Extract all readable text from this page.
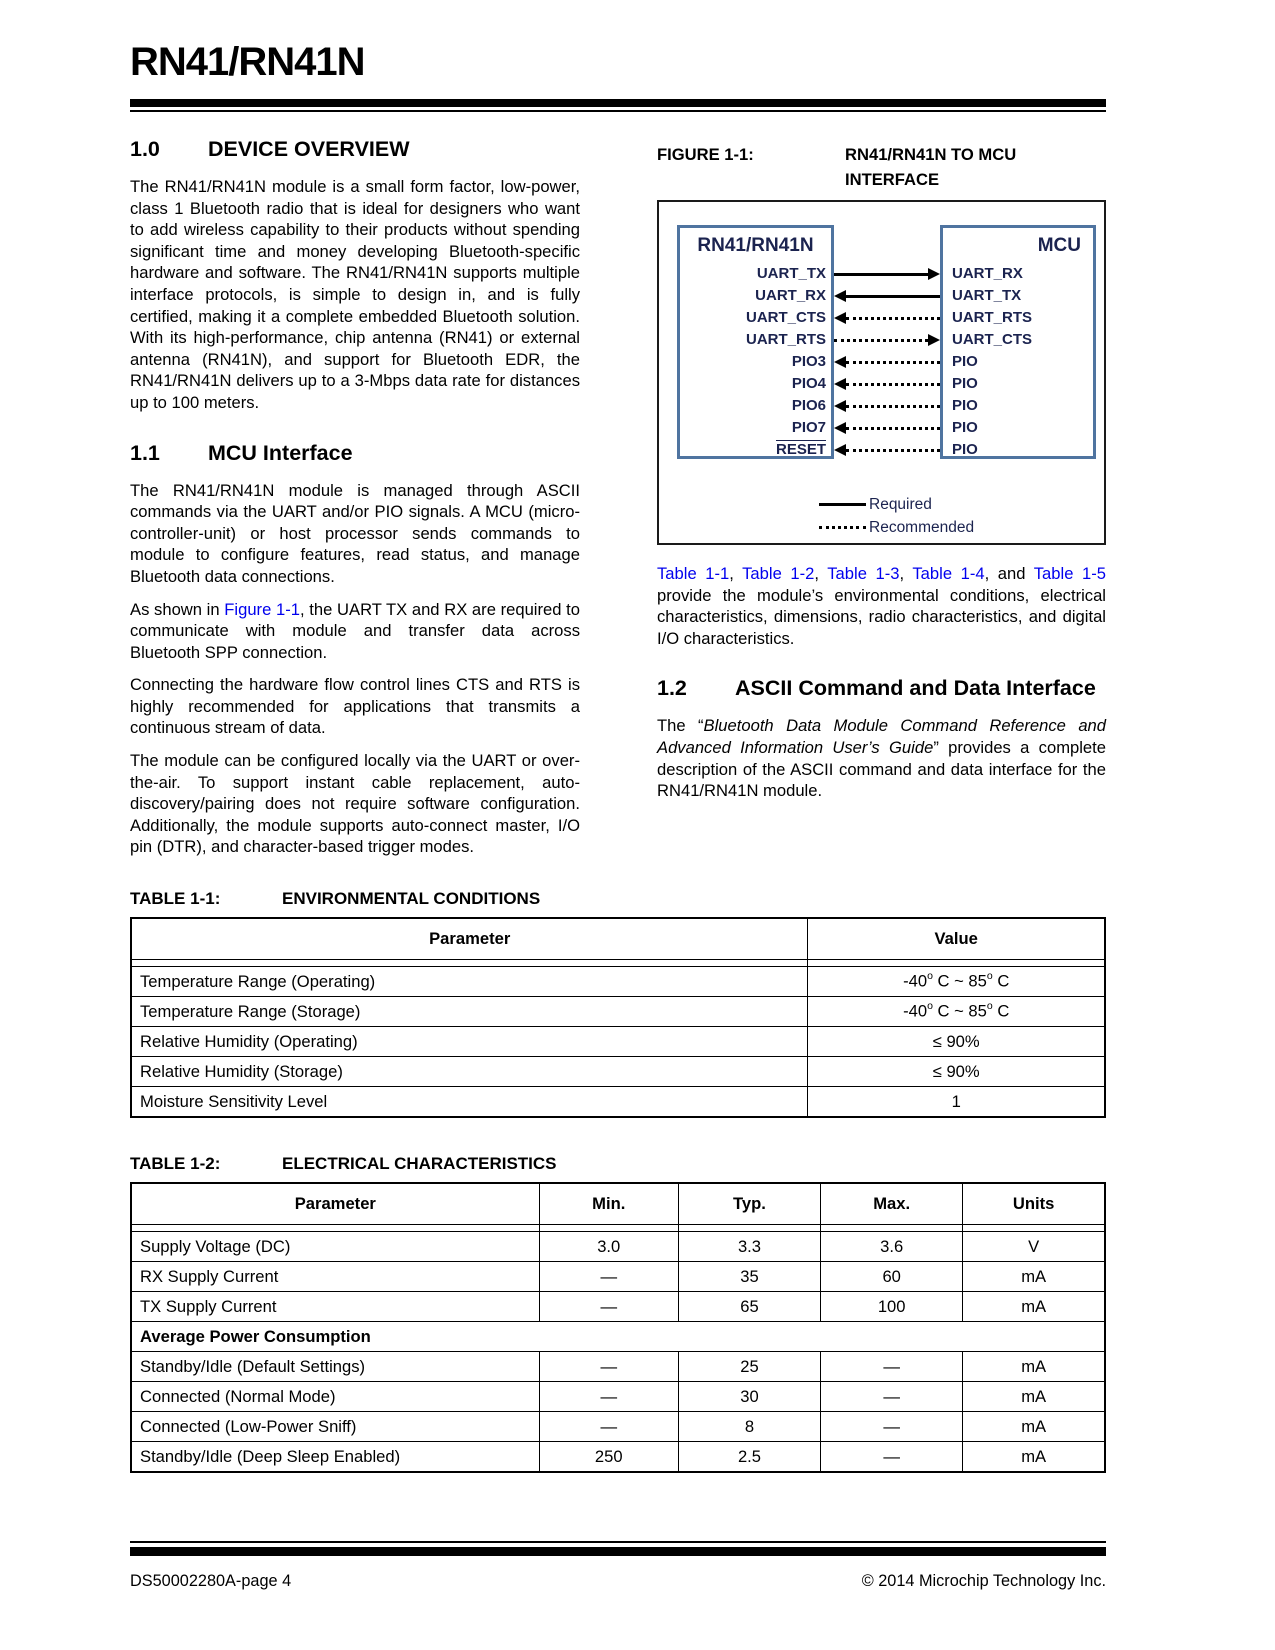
RN41/RN41N
1.0	DEVICE OVERVIEW

The RN41/RN41N module is a small form factor, low-power, class 1 Bluetooth radio that is ideal for designers who want to add wireless capability to their products without spending significant time and money developing Bluetooth-specific hardware and software. The RN41/RN41N supports multiple interface protocols, is simple to design in, and is fully certified, making it a complete embedded Bluetooth solution. With its high-performance, chip antenna (RN41) or external antenna (RN41N), and support for Bluetooth EDR, the RN41/RN41N delivers up to a 3-Mbps data rate for distances up to 100 meters.

1.1	MCU Interface

The RN41/RN41N module is managed through ASCII commands via the UART and/or PIO signals. A MCU (micro-controller-unit) or host processor sends commands to module to configure features, read status, and manage Bluetooth data connections.

As shown in Figure 1-1, the UART TX and RX are required to communicate with module and transfer data across Bluetooth SPP connection.

Connecting the hardware flow control lines CTS and RTS is highly recommended for applications that transmits a continuous stream of data.

The module can be configured locally via the UART or over-the-air. To support instant cable replacement, auto-discovery/pairing does not require software configuration. Additionally, the module supports auto-connect master, I/O pin (DTR), and character-based trigger modes.

FIGURE 1-1:	RN41/RN41N TO MCU INTERFACE
RN41/RN41N
UART_TX
UART_RX
UART_CTS
UART_RTS
PIO3
PIO4
PIO6
PIO7
RESET
MCU
UART_RX
UART_TX
UART_RTS
UART_CTS
PIO
PIO
PIO
PIO
PIO
Required
Recommended

Table 1-1, Table 1-2, Table 1-3, Table 1-4, and Table 1-5 provide the module’s environmental conditions, electrical characteristics, dimensions, radio characteristics, and digital I/O characteristics.

1.2	ASCII Command and Data Interface

The “Bluetooth Data Module Command Reference and Advanced Information User’s Guide” provides a complete description of the ASCII command and data interface for the RN41/RN41N module.

TABLE 1-1:	ENVIRONMENTAL CONDITIONS
Parameter	Value

Temperature Range (Operating)	-40$^o$ C ~ 85$^o$ C
Temperature Range (Storage)	-40$^o$ C ~ 85$^o$ C
Relative Humidity (Operating)	≤ 90%
Relative Humidity (Storage)	≤ 90%
Moisture Sensitivity Level	1
TABLE 1-2:	ELECTRICAL CHARACTERISTICS
Parameter	Min.	Typ.	Max.	Units

Supply Voltage (DC)	3.0	3.3	3.6	V
RX Supply Current	—	35	60	mA
TX Supply Current	—	65	100	mA
Average Power Consumption				
Standby/Idle (Default Settings)	—	25	—	mA
Connected (Normal Mode)	—	30	—	mA
Connected (Low-Power Sniff)	—	8	—	mA
Standby/Idle (Deep Sleep Enabled)	250	2.5	—	mA
DS50002280A-page 4	© 2014 Microchip Technology Inc.
